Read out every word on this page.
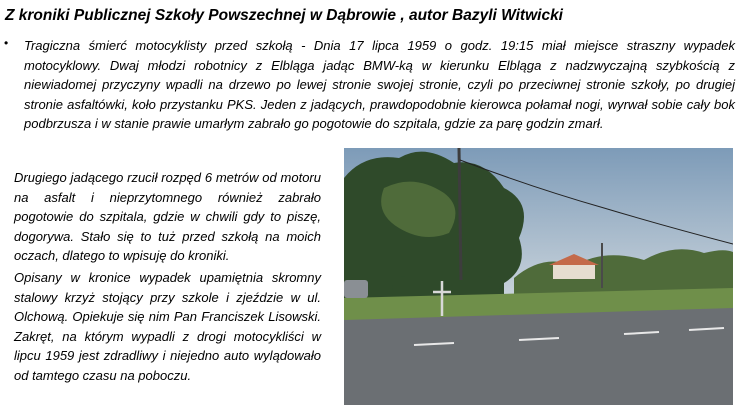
Z kroniki Publicznej Szkoły Powszechnej w Dąbrowie , autor Bazyli Witwicki
• Tragiczna śmierć motocyklisty przed szkołą - Dnia 17 lipca 1959 o godz. 19:15 miał miejsce straszny wypadek motocyklowy. Dwaj młodzi robotnicy z Elbląga jadąc BMW-ką w kierunku Elbląga z nadzwyczajną szybkością z niewiadomej przyczyny wpadli na drzewo po lewej stronie swojej stronie, czyli po przeciwnej stronie szkoły, po drugiej stronie asfaltówki, koło przystanku PKS. Jeden z jadących, prawdopodobnie kierowca połamał nogi, wyrwał sobie cały bok podbrzusza i w stanie prawie umarłym zabrało go pogotowie do szpitala, gdzie za parę godzin zmarł.

Drugiego jadącego rzucił rozpęd 6 metrów od motoru na asfalt i nieprzytomnego również zabrało pogotowie do szpitala, gdzie w chwili gdy to piszę, dogorywa. Stało się to tuż przed szkołą na moich oczach, dlatego to wpisuję do kroniki.

Opisany w kronice wypadek upamiętnia skromny stalowy krzyż stojący przy szkole i zjeździe w ul. Olchową. Opiekuje się nim Pan Franciszek Lisowski. Zakręt, na którym wypadli z drogi motocykliści w lipcu 1959 jest zdradliwy i niejedno auto wylądowało od tamtego czasu na poboczu.
